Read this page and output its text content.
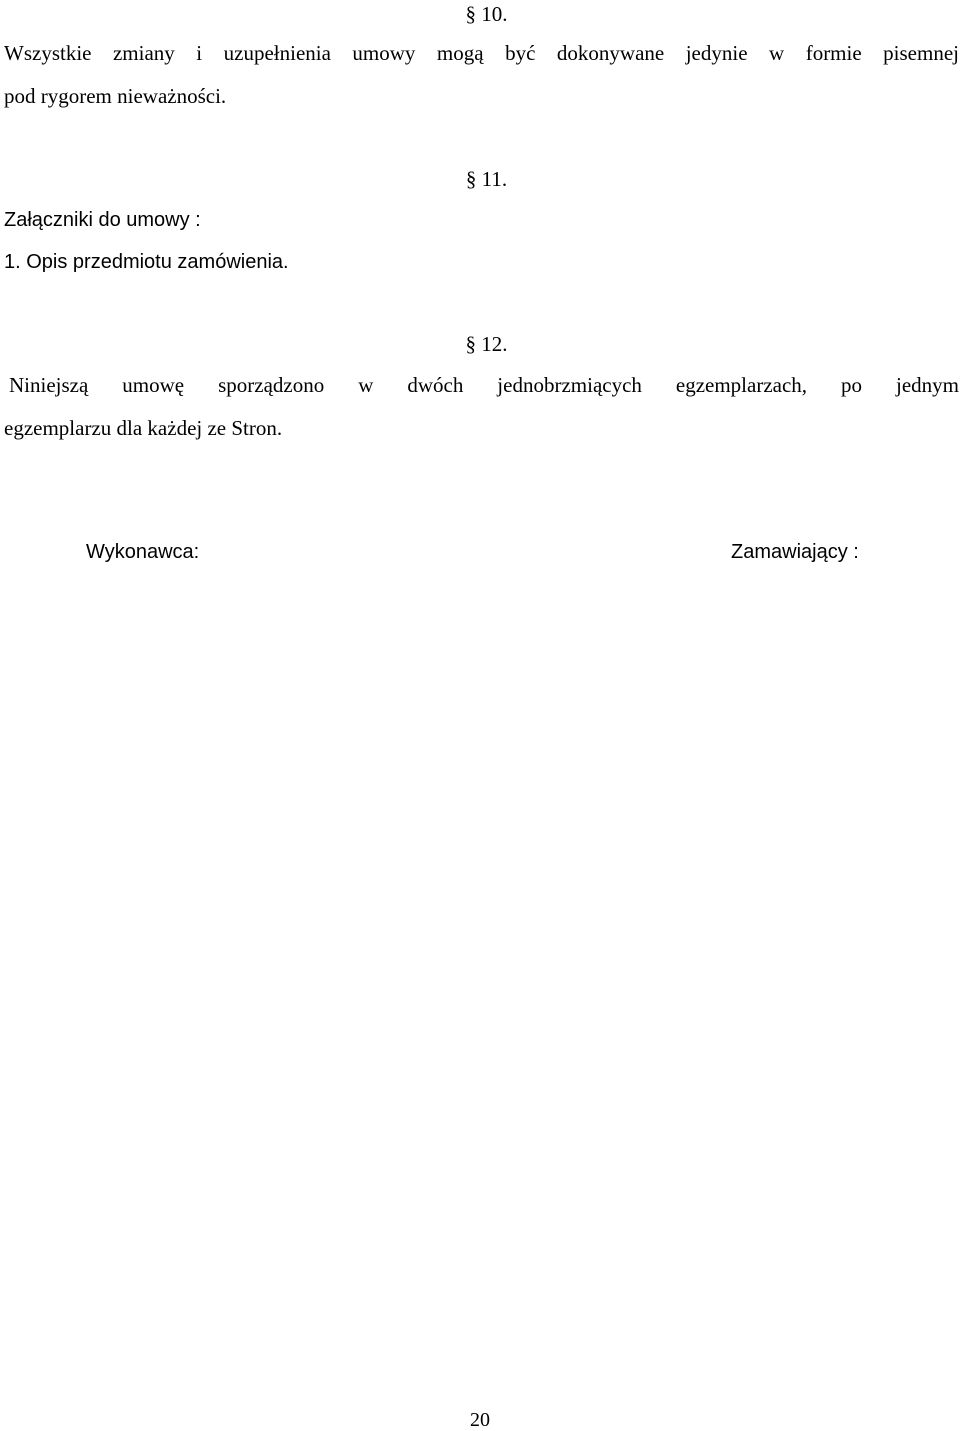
§ 10.
Wszystkie zmiany i uzupełnienia umowy mogą być dokonywane jedynie w formie pisemnej
pod rygorem nieważności.
§ 11.
Załączniki do umowy :
1. Opis przedmiotu zamówienia.
§ 12.
Niniejszą umowę sporządzono w dwóch jednobrzmiących egzemplarzach, po jednym
egzemplarzu dla każdej ze Stron.
Wykonawca:	Zamawiający :
20
